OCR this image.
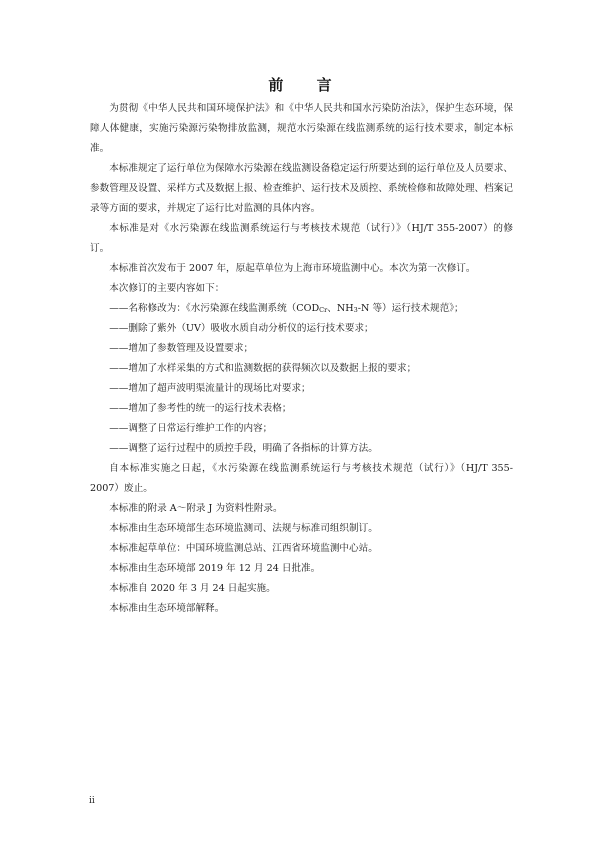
前 言

为贯彻《中华人民共和国环境保护法》和《中华人民共和国水污染防治法》，保护生态环境，保障人体健康，实施污染源污染物排放监测，规范水污染源在线监测系统的运行技术要求，制定本标准。

本标准规定了运行单位为保障水污染源在线监测设备稳定运行所要达到的运行单位及人员要求、参数管理及设置、采样方式及数据上报、检查维护、运行技术及质控、系统检修和故障处理、档案记录等方面的要求，并规定了运行比对监测的具体内容。

本标准是对《水污染源在线监测系统运行与考核技术规范（试行）》（HJ/T 355-2007）的修订。

本标准首次发布于 2007 年，原起草单位为上海市环境监测中心。本次为第一次修订。

本次修订的主要内容如下：

——名称修改为：《水污染源在线监测系统（$COD_{Cr}$、$NH_3-N$ 等）运行技术规范》；

——删除了紫外（UV）吸收水质自动分析仪的运行技术要求；

——增加了参数管理及设置要求；

——增加了水样采集的方式和监测数据的获得频次以及数据上报的要求；

——增加了超声波明渠流量计的现场比对要求；

——增加了参考性的统一的运行技术表格；

——调整了日常运行维护工作的内容；

——调整了运行过程中的质控手段，明确了各指标的计算方法。

自本标准实施之日起，《水污染源在线监测系统运行与考核技术规范（试行）》（HJ/T 355-2007）废止。

本标准的附录 A～附录 J 为资料性附录。

本标准由生态环境部生态环境监测司、法规与标准司组织制订。

本标准起草单位：中国环境监测总站、江西省环境监测中心站。

本标准由生态环境部 2019 年 12 月 24 日批准。

本标准自 2020 年 3 月 24 日起实施。

本标准由生态环境部解释。

ii
